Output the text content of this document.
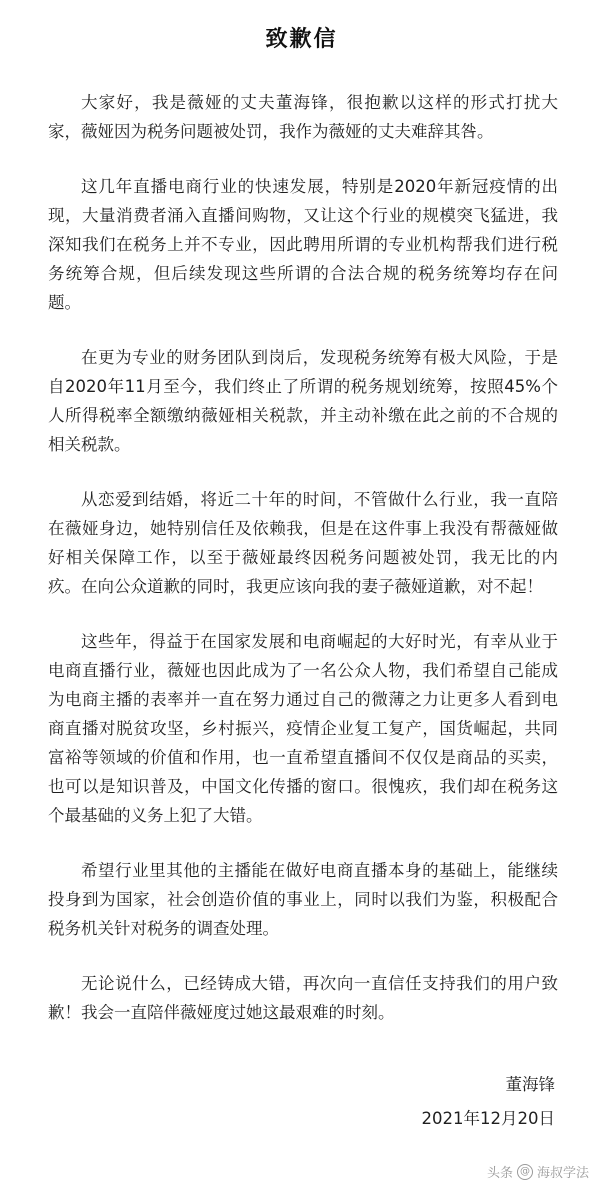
致歉信

大家好，我是薇娅的丈夫董海锋，很抱歉以这样的形式打扰大家，薇娅因为税务问题被处罚，我作为薇娅的丈夫难辞其咎。

这几年直播电商行业的快速发展，特别是2020年新冠疫情的出现，大量消费者涌入直播间购物，又让这个行业的规模突飞猛进，我深知我们在税务上并不专业，因此聘用所谓的专业机构帮我们进行税务统筹合规，但后续发现这些所谓的合法合规的税务统筹均存在问题。

在更为专业的财务团队到岗后，发现税务统筹有极大风险，于是自2020年11月至今，我们终止了所谓的税务规划统筹，按照45%个人所得税率全额缴纳薇娅相关税款，并主动补缴在此之前的不合规的相关税款。

从恋爱到结婚，将近二十年的时间，不管做什么行业，我一直陪在薇娅身边，她特别信任及依赖我，但是在这件事上我没有帮薇娅做好相关保障工作，以至于薇娅最终因税务问题被处罚，我无比的内疚。在向公众道歉的同时，我更应该向我的妻子薇娅道歉，对不起！

这些年，得益于在国家发展和电商崛起的大好时光，有幸从业于电商直播行业，薇娅也因此成为了一名公众人物，我们希望自己能成为电商主播的表率并一直在努力通过自己的微薄之力让更多人看到电商直播对脱贫攻坚，乡村振兴，疫情企业复工复产，国货崛起，共同富裕等领域的价值和作用，也一直希望直播间不仅仅是商品的买卖，也可以是知识普及，中国文化传播的窗口。很愧疚，我们却在税务这个最基础的义务上犯了大错。

希望行业里其他的主播能在做好电商直播本身的基础上，能继续投身到为国家，社会创造价值的事业上，同时以我们为鉴，积极配合税务机关针对税务的调查处理。

无论说什么，已经铸成大错，再次向一直信任支持我们的用户致歉！我会一直陪伴薇娅度过她这最艰难的时刻。

董海锋
2021年12月20日
头条 @ 海叔学法
